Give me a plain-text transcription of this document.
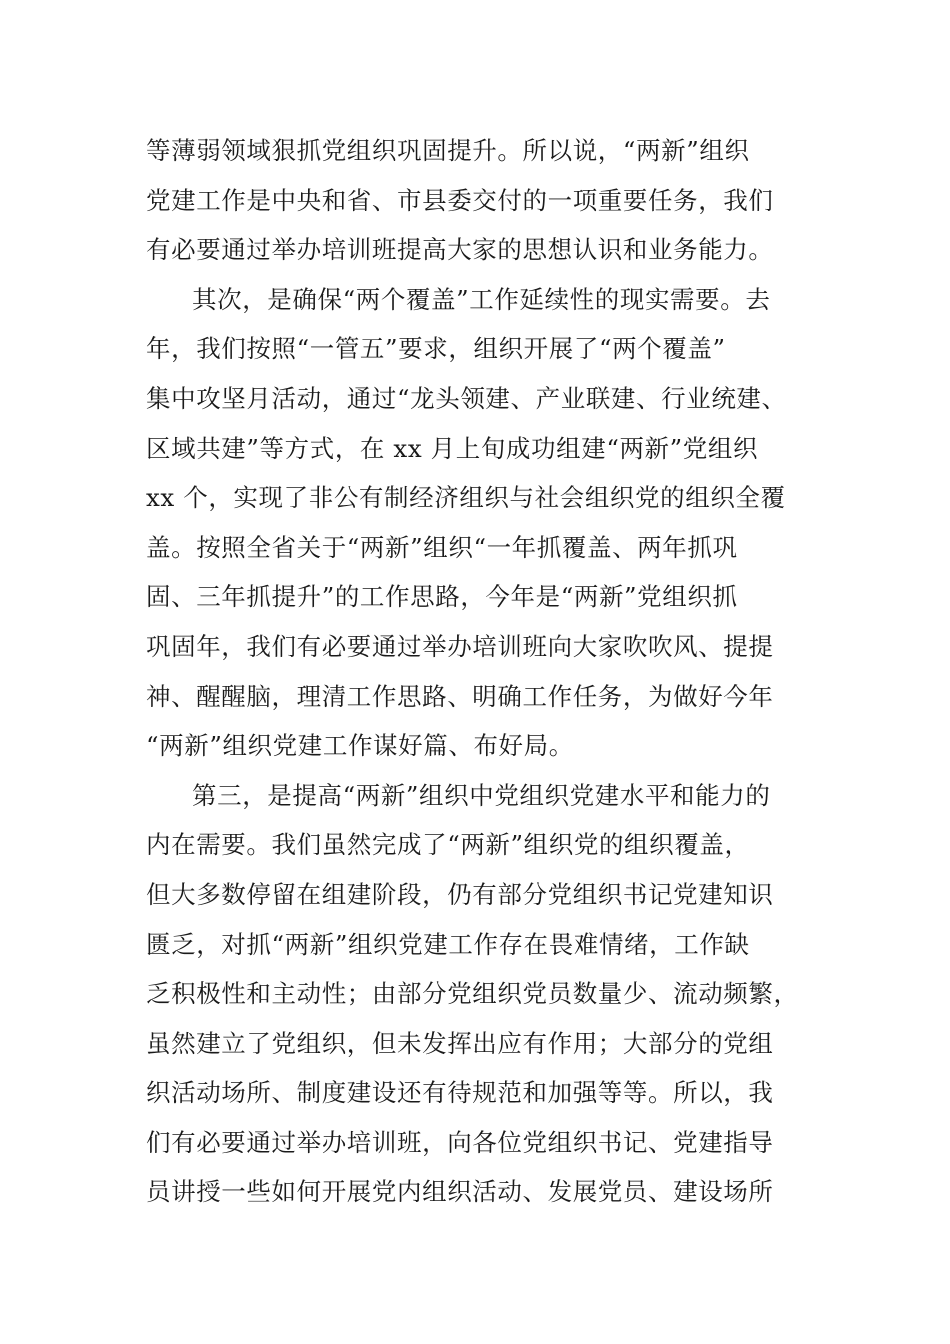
等薄弱领域狠抓党组织巩固提升。所以说，“两新”组织
党建工作是中央和省、市县委交付的一项重要任务，我们
有必要通过举办培训班提高大家的思想认识和业务能力。
其次，是确保“两个覆盖”工作延续性的现实需要。去
年，我们按照“一管五”要求，组织开展了“两个覆盖”
集中攻坚月活动，通过“龙头领建、产业联建、行业统建、
区域共建”等方式，在 xx 月上旬成功组建“两新”党组织
xx 个，实现了非公有制经济组织与社会组织党的组织全覆
盖。按照全省关于“两新”组织“一年抓覆盖、两年抓巩
固、三年抓提升”的工作思路，今年是“两新”党组织抓
巩固年，我们有必要通过举办培训班向大家吹吹风、提提
神、醒醒脑，理清工作思路、明确工作任务，为做好今年
“两新”组织党建工作谋好篇、布好局。
第三，是提高“两新”组织中党组织党建水平和能力的
内在需要。我们虽然完成了“两新”组织党的组织覆盖，
但大多数停留在组建阶段，仍有部分党组织书记党建知识
匮乏，对抓“两新”组织党建工作存在畏难情绪，工作缺
乏积极性和主动性；由部分党组织党员数量少、流动频繁，
虽然建立了党组织，但未发挥出应有作用；大部分的党组
织活动场所、制度建设还有待规范和加强等等。所以，我
们有必要通过举办培训班，向各位党组织书记、党建指导
员讲授一些如何开展党内组织活动、发展党员、建设场所
